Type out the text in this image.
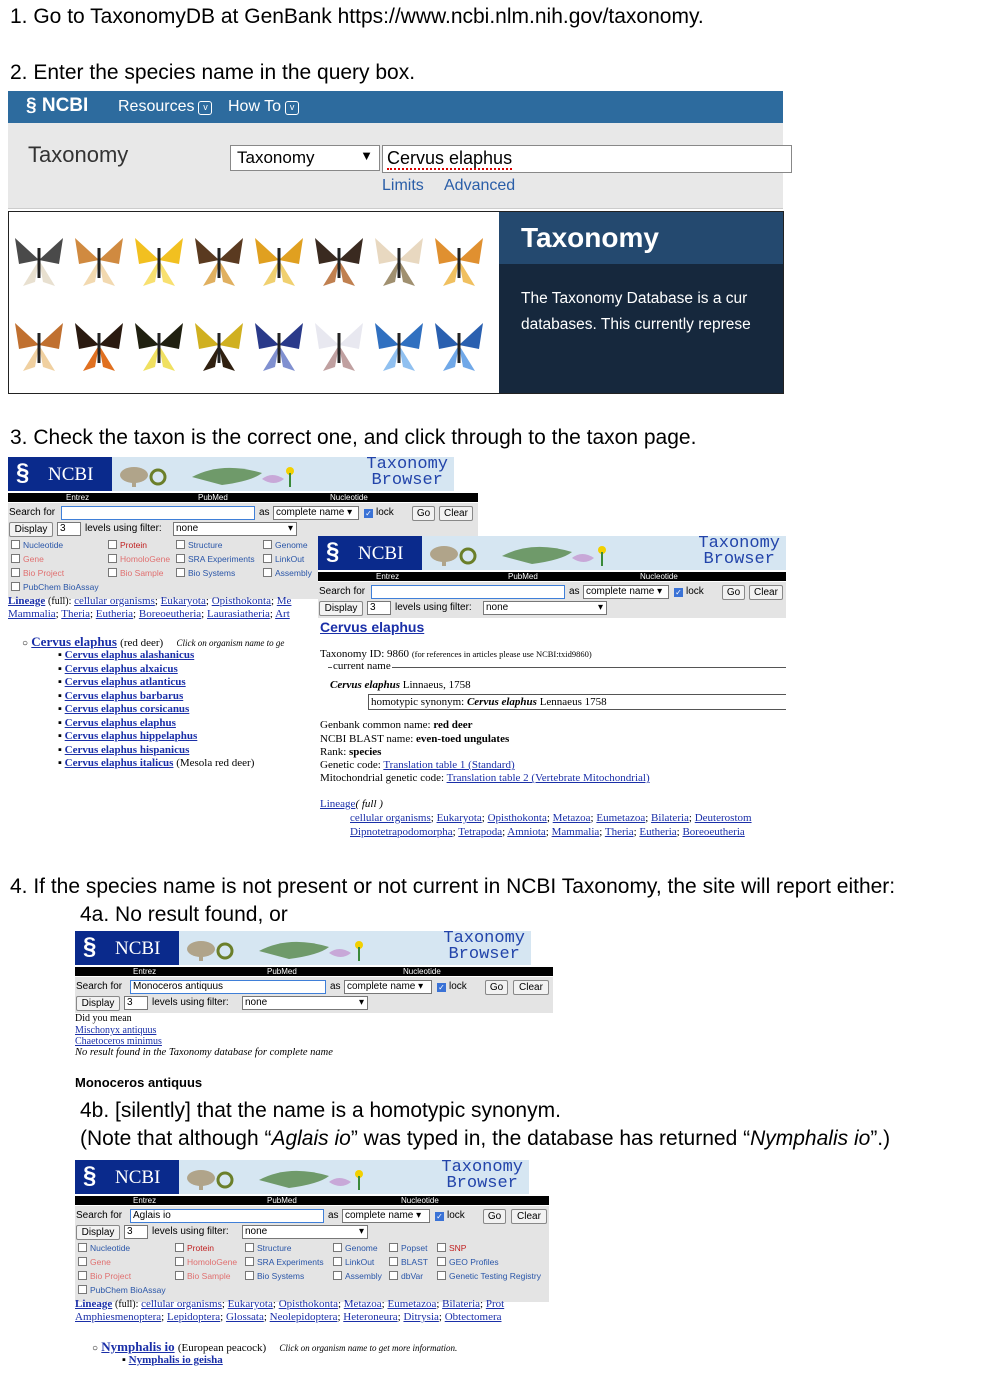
1. Go to TaxonomyDB at GenBank https://www.ncbi.nlm.nih.gov/taxonomy.
2. Enter the species name in the query box.
§ NCBI Resources v How To v
Taxonomy	Taxonomy	▼ Cervus elaphus
Limits Advanced
Taxonomy
The Taxonomy Database is a cur
databases. This currently represe
3. Check the taxon is the correct one, and click through to the taxon page.
§ NCBI	Taxonomy
Browser
Entrez	PubMed	Nucleotide
Search for	as complete name ▾	✓ lock	Go	Clear
Display	3	levels using filter:	none	▾
Nucleotide	Protein	Structure	Genome
Gene	HomoloGene	SRA Experiments	LinkOut
Bio Project	Bio Sample	Bio Systems	Assembly
PubChem BioAssay
Lineage (full): cellular organisms; Eukaryota; Opisthokonta; Me
Mammalia; Theria; Eutheria; Boreoeutheria; Laurasiatheria; Art
○ Cervus elaphus (red deer) Click on organism name to ge
▪ Cervus elaphus alashanicus
▪ Cervus elaphus alxaicus
▪ Cervus elaphus atlanticus
▪ Cervus elaphus barbarus
▪ Cervus elaphus corsicanus
▪ Cervus elaphus elaphus
▪ Cervus elaphus hippelaphus
▪ Cervus elaphus hispanicus
▪ Cervus elaphus italicus (Mesola red deer)
§ NCBI	Taxonomy
Browser
Entrez	PubMed	Nucleotide
Search for	as complete name ▾	✓ lock	Go	Clear
Display	3	levels using filter:	none	▾
Cervus elaphus
Taxonomy ID: 9860 (for references in articles please use NCBI:txid9860)
current name
Cervus elaphus Linnaeus, 1758
homotypic synonym: Cervus elaphus Lennaeus 1758
Genbank common name: red deer
NCBI BLAST name: even-toed ungulates
Rank: species
Genetic code: Translation table 1 (Standard)
Mitochondrial genetic code: Translation table 2 (Vertebrate Mitochondrial)
Lineage( full )
cellular organisms; Eukaryota; Opisthokonta; Metazoa; Eumetazoa; Bilateria; Deuterostom
Dipnotetrapodomorpha; Tetrapoda; Amniota; Mammalia; Theria; Eutheria; Boreoeutheria
4. If the species name is not present or not current in NCBI Taxonomy, the site will report either:
4a. No result found, or
§ NCBI	Taxonomy
Browser
Entrez	PubMed	Nucleotide
Search for	Monoceros antiquus	as complete name ▾	✓ lock	Go	Clear
Display	3	levels using filter:	none	▾
Did you mean
Mischonyx antiquus
Chaetoceros minimus
No result found in the Taxonomy database for complete name
Monoceros antiquus
4b. [silently] that the name is a homotypic synonym.
(Note that although “Aglais io” was typed in, the database has returned “Nymphalis io”.)
§ NCBI	Taxonomy
Browser
Entrez	PubMed	Nucleotide
Search for	Aglais io	as complete name ▾	✓ lock	Go	Clear
Display	3	levels using filter:	none	▾
Nucleotide	Protein	Structure	Genome	Popset	SNP
Gene	HomoloGene	SRA Experiments	LinkOut	BLAST	GEO Profiles
Bio Project	Bio Sample	Bio Systems	Assembly	dbVar	Genetic Testing Registry
PubChem BioAssay
Lineage (full): cellular organisms; Eukaryota; Opisthokonta; Metazoa; Eumetazoa; Bilateria; Prot
Amphiesmenoptera; Lepidoptera; Glossata; Neolepidoptera; Heteroneura; Ditrysia; Obtectomera
○ Nymphalis io (European peacock) Click on organism name to get more information.
▪ Nymphalis io geisha
